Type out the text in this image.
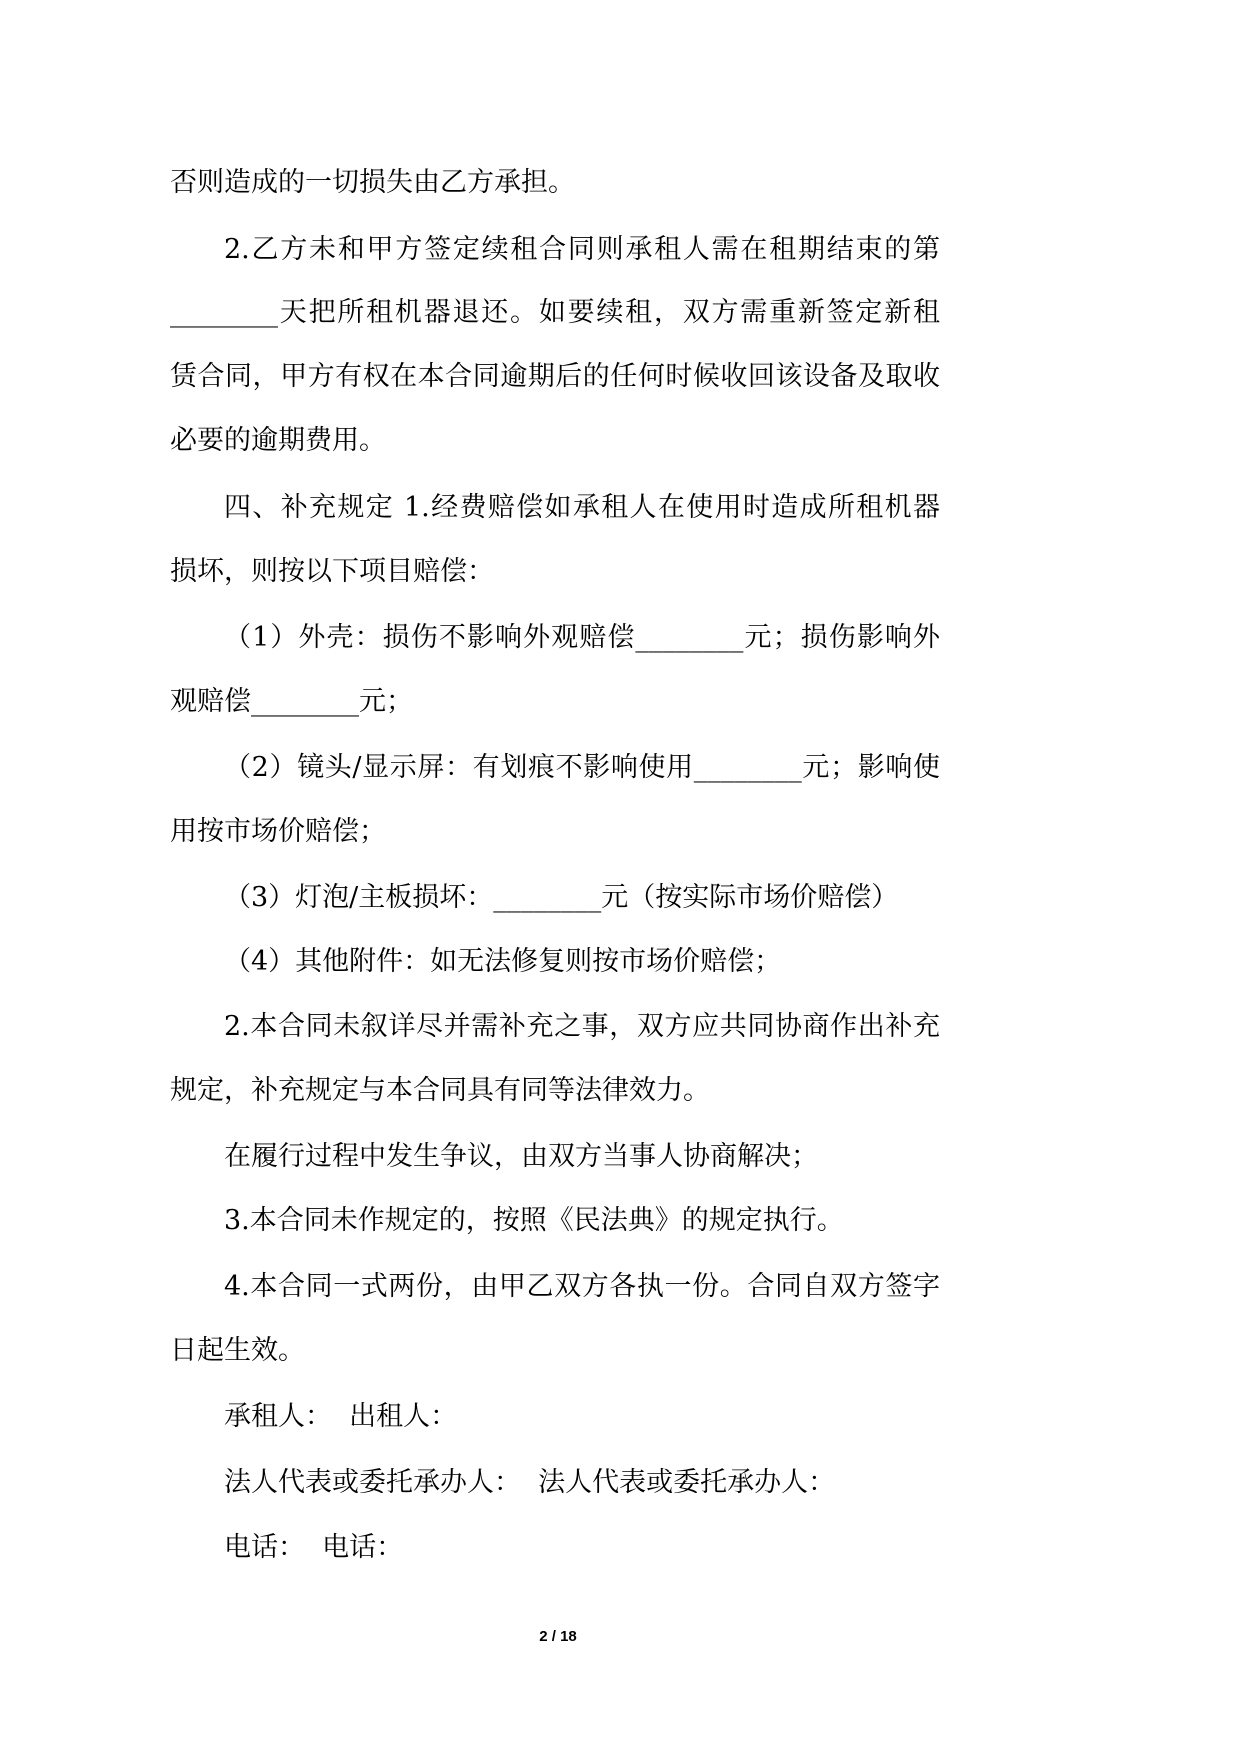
否则造成的一切损失由乙方承担。
2.乙方未和甲方签定续租合同则承租人需在租期结束的第
________天把所租机器退还。如要续租，双方需重新签定新租
赁合同，甲方有权在本合同逾期后的任何时候收回该设备及取收
必要的逾期费用。
四、补充规定 1.经费赔偿如承租人在使用时造成所租机器
损坏，则按以下项目赔偿：
（1）外壳：损伤不影响外观赔偿________元；损伤影响外
观赔偿________元；
（2）镜头/显示屏：有划痕不影响使用________元；影响使
用按市场价赔偿；
（3）灯泡/主板损坏：________元（按实际市场价赔偿）
（4）其他附件：如无法修复则按市场价赔偿；
2.本合同未叙详尽并需补充之事，双方应共同协商作出补充
规定，补充规定与本合同具有同等法律效力。
在履行过程中发生争议，由双方当事人协商解决；
3.本合同未作规定的，按照《民法典》的规定执行。
4.本合同一式两份，由甲乙双方各执一份。合同自双方签字
日起生效。
承租人：  出租人：
法人代表或委托承办人：  法人代表或委托承办人：
电话：  电话：
2 / 18
